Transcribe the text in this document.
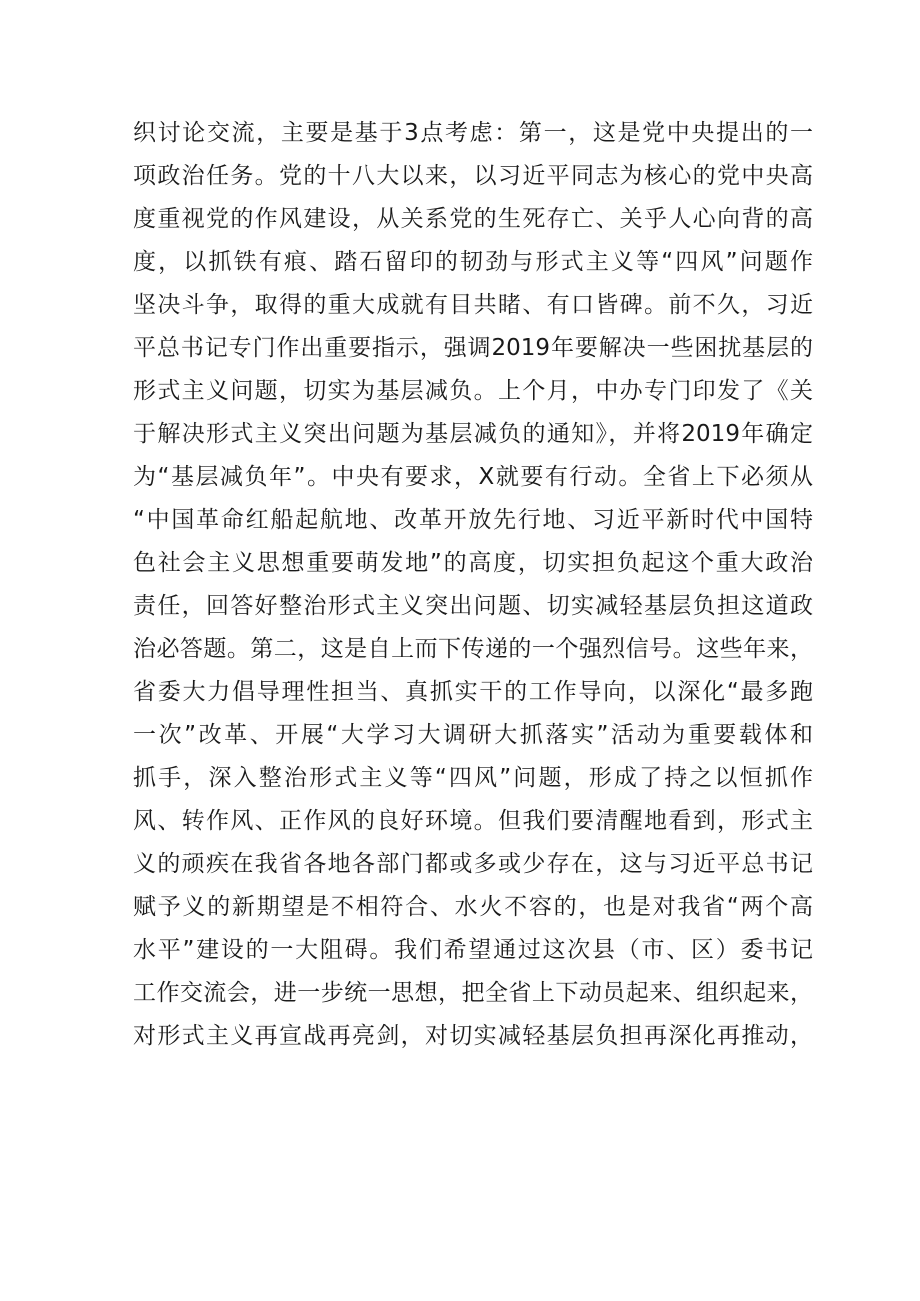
织讨论交流，主要是基于3点考虑：第一，这是党中央提出的一
项政治任务。党的十八大以来，以习近平同志为核心的党中央高
度重视党的作风建设，从关系党的生死存亡、关乎人心向背的高
度，以抓铁有痕、踏石留印的韧劲与形式主义等“四风”问题作
坚决斗争，取得的重大成就有目共睹、有口皆碑。前不久，习近
平总书记专门作出重要指示，强调2019年要解决一些困扰基层的
形式主义问题，切实为基层减负。上个月，中办专门印发了《关
于解决形式主义突出问题为基层减负的通知》，并将2019年确定
为“基层减负年”。中央有要求，X就要有行动。全省上下必须从
“中国革命红船起航地、改革开放先行地、习近平新时代中国特
色社会主义思想重要萌发地”的高度，切实担负起这个重大政治
责任，回答好整治形式主义突出问题、切实减轻基层负担这道政
治必答题。第二，这是自上而下传递的一个强烈信号。这些年来，
省委大力倡导理性担当、真抓实干的工作导向，以深化“最多跑
一次”改革、开展“大学习大调研大抓落实”活动为重要载体和
抓手，深入整治形式主义等“四风”问题，形成了持之以恒抓作
风、转作风、正作风的良好环境。但我们要清醒地看到，形式主
义的顽疾在我省各地各部门都或多或少存在，这与习近平总书记
赋予义的新期望是不相符合、水火不容的，也是对我省“两个高
水平”建设的一大阻碍。我们希望通过这次县（市、区）委书记
工作交流会，进一步统一思想，把全省上下动员起来、组织起来，
对形式主义再宣战再亮剑，对切实减轻基层负担再深化再推动，
